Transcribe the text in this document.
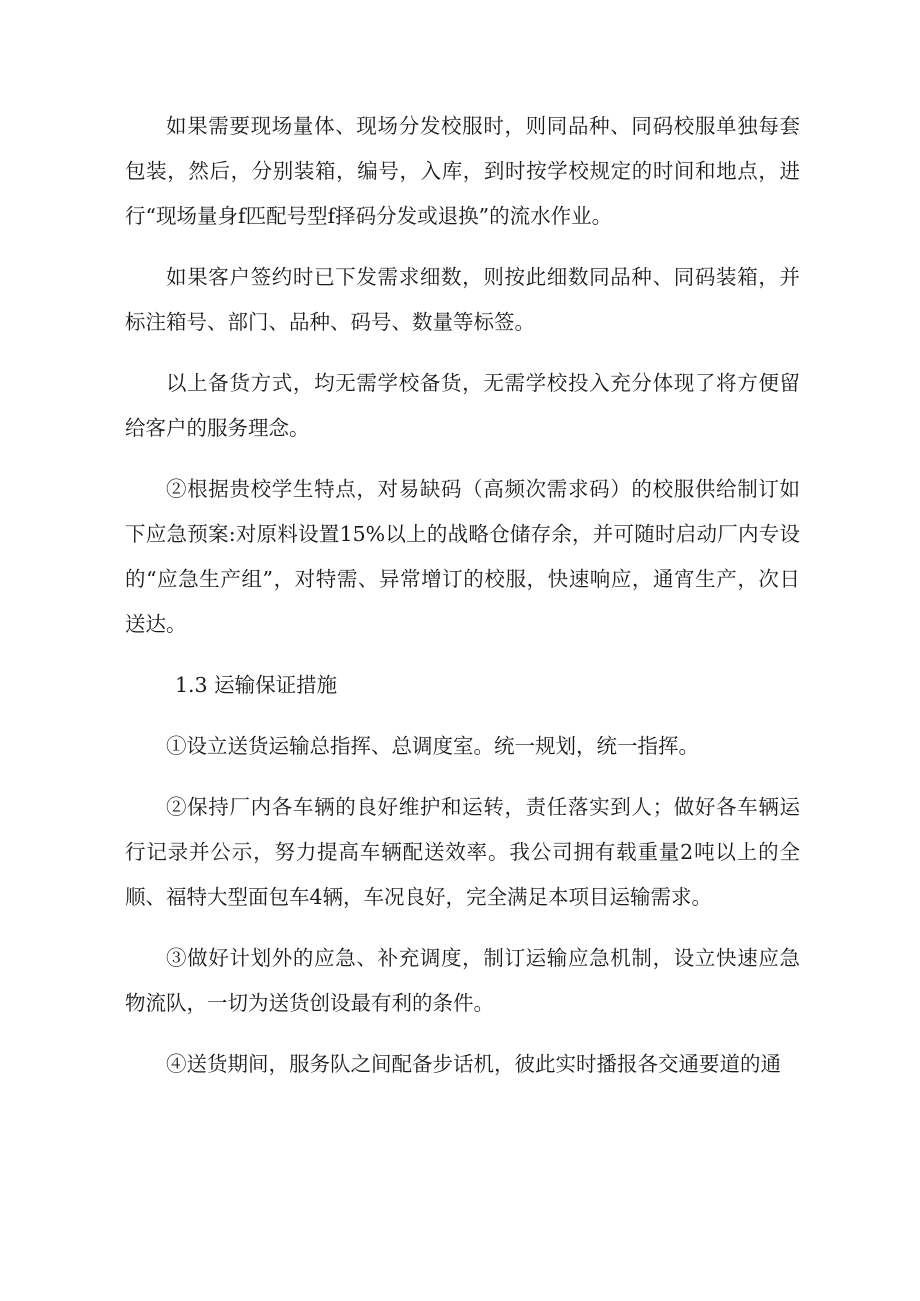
如果需要现场量体、现场分发校服时，则同品种、同码校服单独每套包装，然后，分别装箱，编号，入库，到时按学校规定的时间和地点，进行“现场量身f匹配号型f择码分发或退换”的流水作业。

如果客户签约时已下发需求细数，则按此细数同品种、同码装箱，并标注箱号、部门、品种、码号、数量等标签。

以上备货方式，均无需学校备货，无需学校投入充分体现了将方便留给客户的服务理念。

②根据贵校学生特点，对易缺码（高频次需求码）的校服供给制订如下应急预案:对原料设置15%以上的战略仓储存余，并可随时启动厂内专设的“应急生产组”，对特需、异常增订的校服，快速响应，通宵生产，次日送达。

1.3 运输保证措施

①设立送货运输总指挥、总调度室。统一规划，统一指挥。

②保持厂内各车辆的良好维护和运转，责任落实到人；做好各车辆运行记录并公示，努力提高车辆配送效率。我公司拥有载重量2吨以上的全顺、福特大型面包车4辆，车况良好，完全满足本项目运输需求。

③做好计划外的应急、补充调度，制订运输应急机制，设立快速应急物流队，一切为送货创设最有利的条件。

④送货期间，服务队之间配备步话机，彼此实时播报各交通要道的通
